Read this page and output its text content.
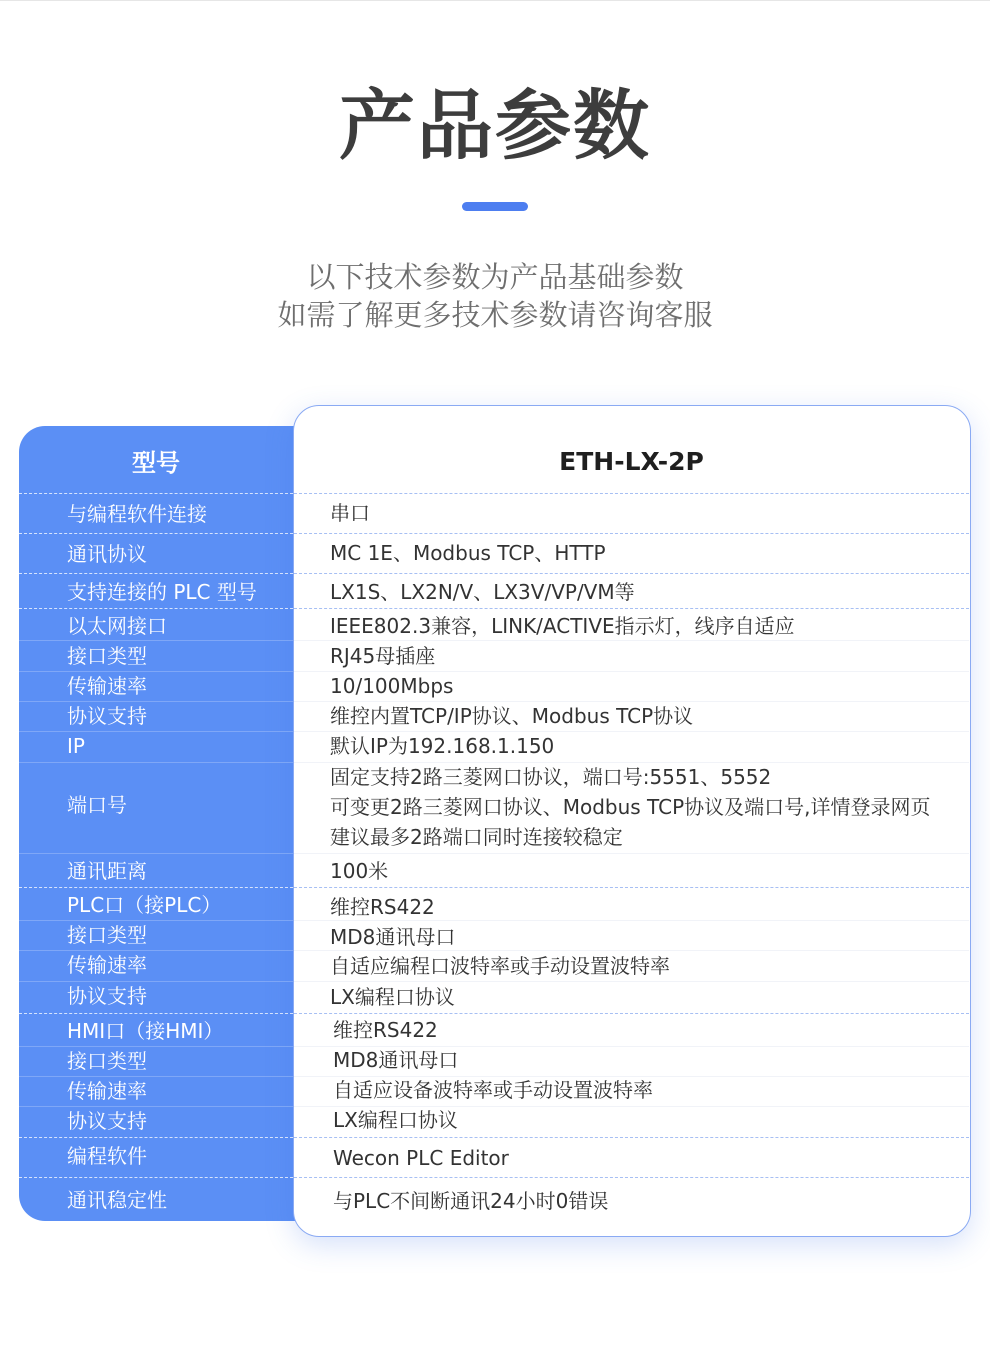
产品参数
以下技术参数为产品基础参数
如需了解更多技术参数请咨询客服
型号	ETH-LX-2P
与编程软件连接
通讯协议
支持连接的 PLC 型号
以太网接口
接口类型
传输速率
协议支持
IP
端口号
通讯距离
PLC口（接PLC）
接口类型
传输速率
协议支持
HMI口（接HMI）
接口类型
传输速率
协议支持
编程软件
通讯稳定性
串口
MC 1E、Modbus TCP、HTTP
LX1S、LX2N/V、LX3V/VP/VM等
IEEE802.3兼容，LINK/ACTIVE指示灯，线序自适应
RJ45母插座
10/100Mbps
维控内置TCP/IP协议、Modbus TCP协议
默认IP为192.168.1.150
固定支持2路三菱网口协议，端口号:5551、5552
可变更2路三菱网口协议、Modbus TCP协议及端口号,详情登录网页
建议最多2路端口同时连接较稳定
100米
维控RS422
MD8通讯母口
自适应编程口波特率或手动设置波特率
LX编程口协议
维控RS422
MD8通讯母口
自适应设备波特率或手动设置波特率
LX编程口协议
Wecon PLC Editor
与PLC不间断通讯24小时0错误
